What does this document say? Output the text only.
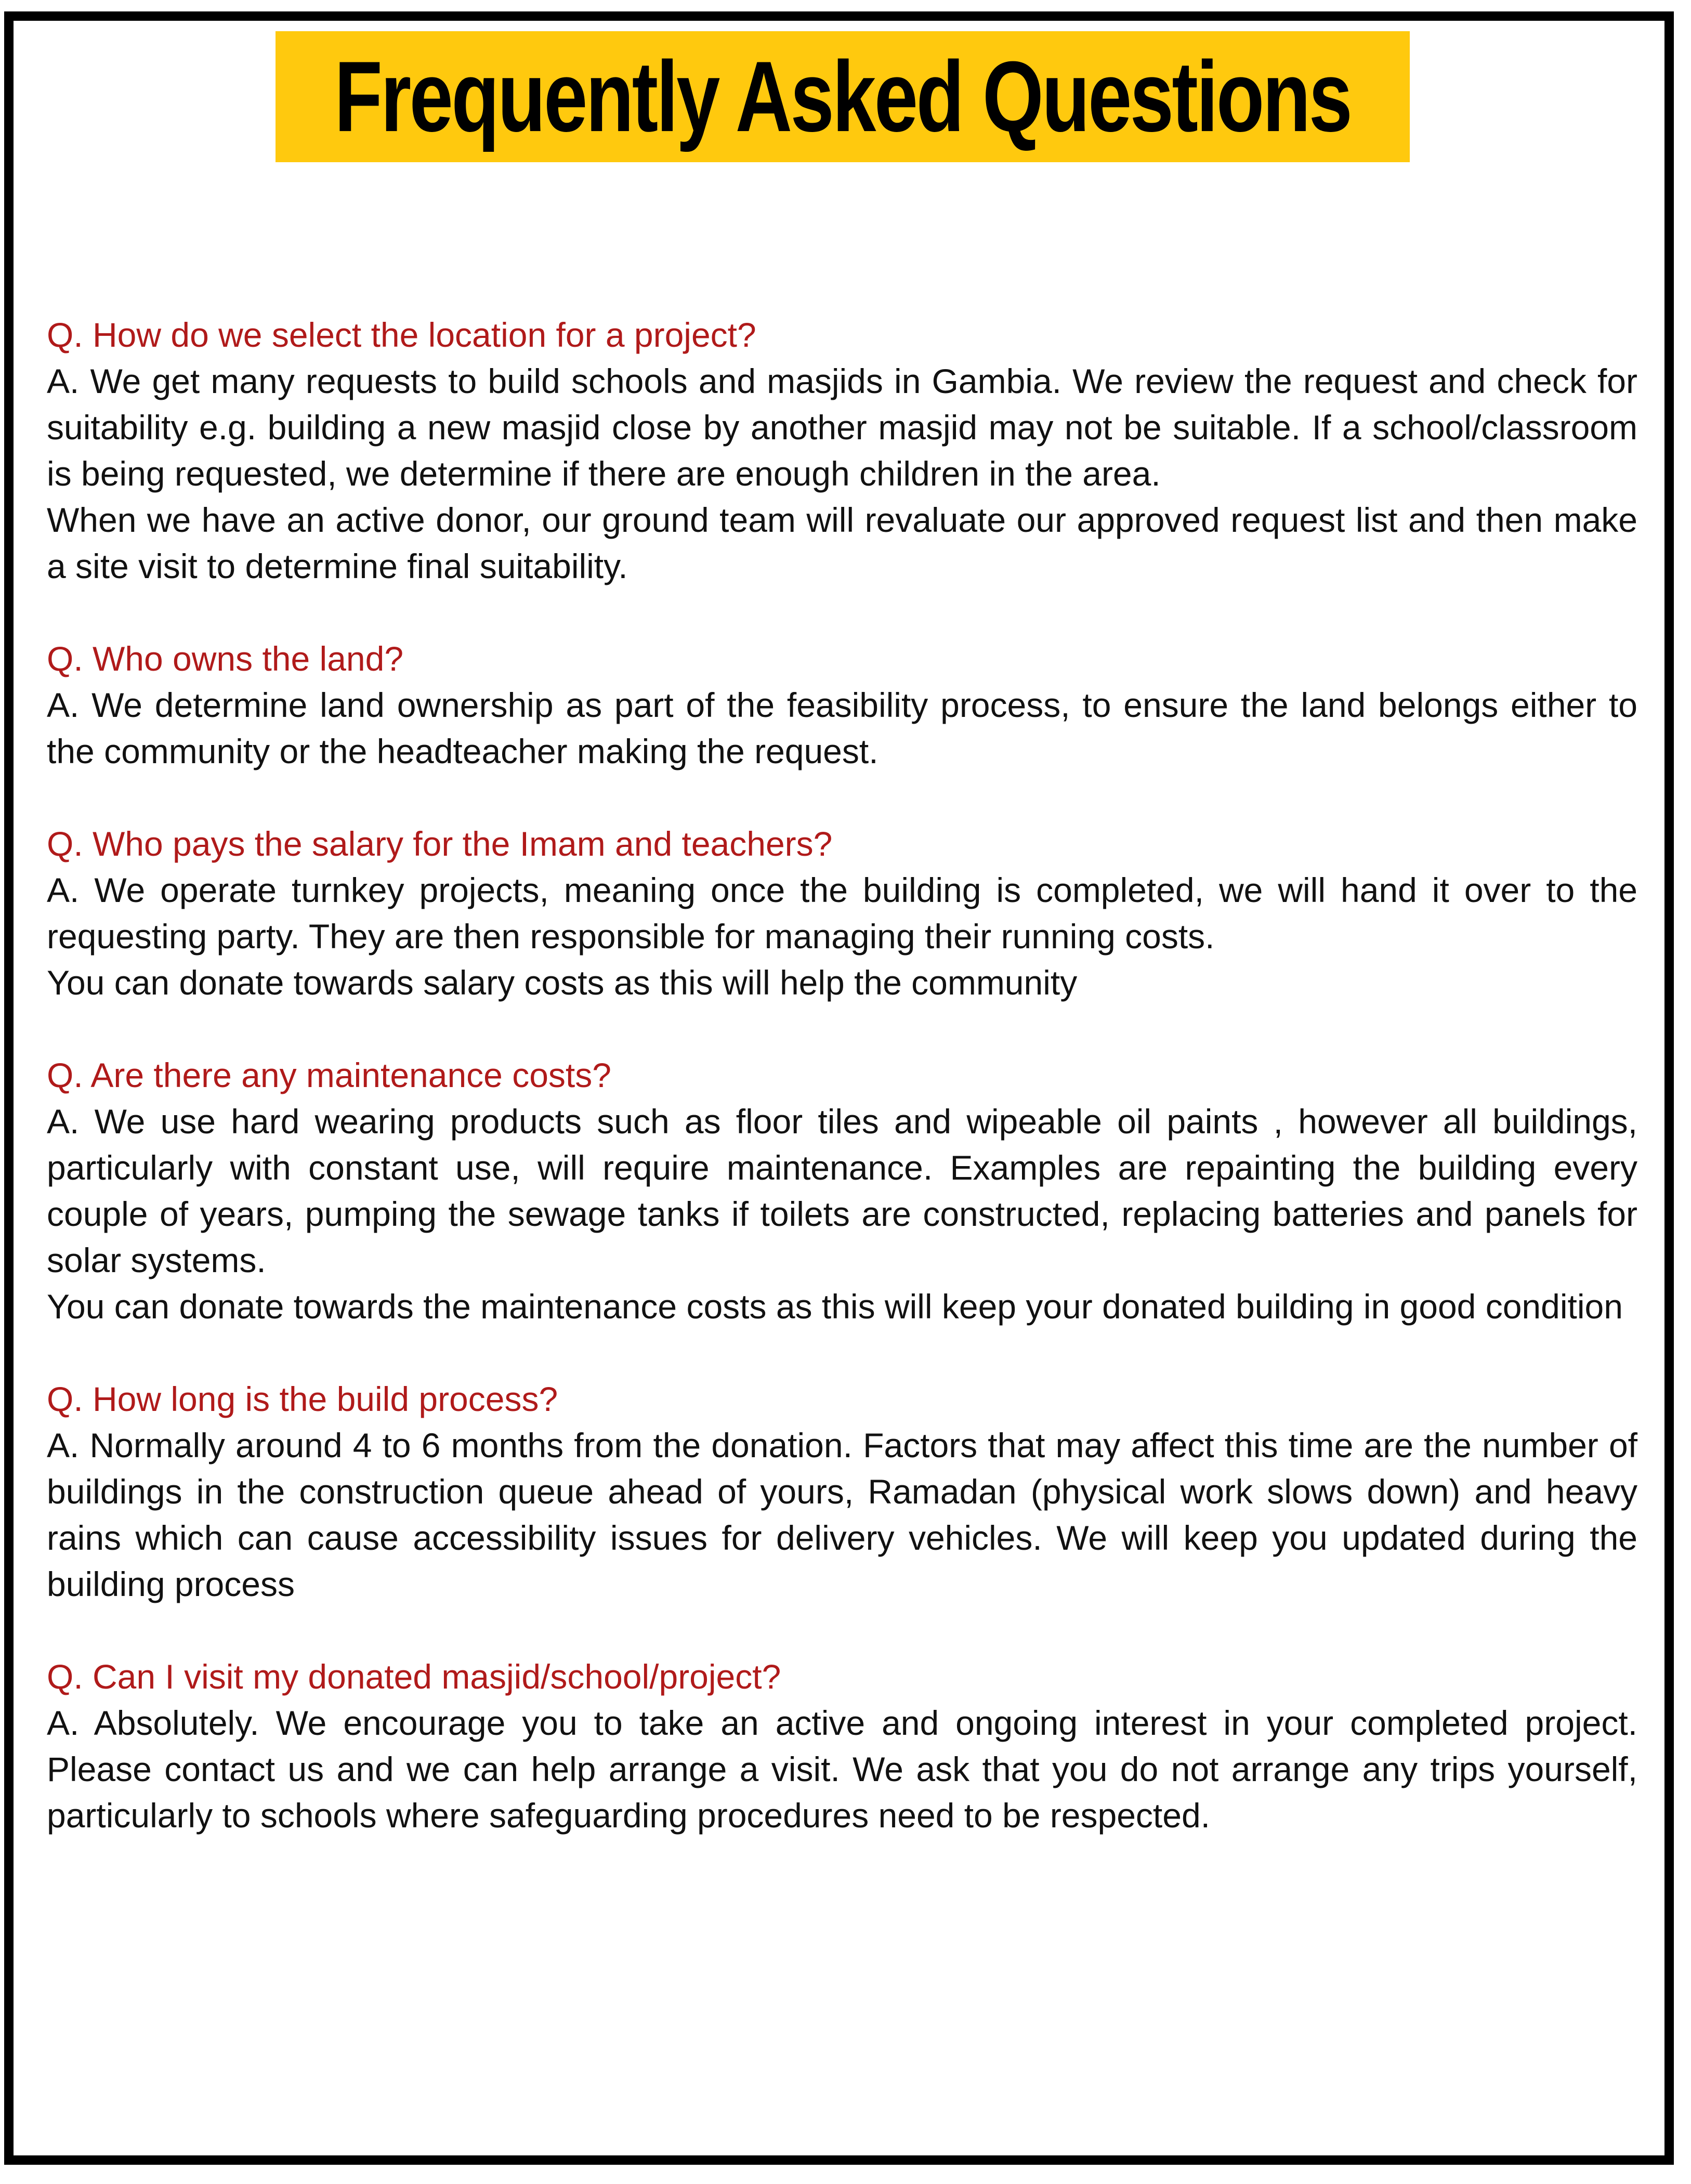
Frequently Asked Questions

Q. How do we select the location for a project?

A. We get many requests to build schools and masjids in Gambia. We review the request and check for suitability e.g. building a new masjid close by another masjid may not be suitable. If a school/classroom is being requested, we determine if there are enough children in the area.

When we have an active donor, our ground team will revaluate our approved request list and then make a site visit to determine final suitability.

Q. Who owns the land?

A. We determine land ownership as part of the feasibility process, to ensure the land belongs either to the community or the headteacher making the request.

Q. Who pays the salary for the Imam and teachers?

A. We operate turnkey projects, meaning once the building is completed, we will hand it over to the requesting party. They are then responsible for managing their running costs.

You can donate towards salary costs as this will help the community

Q. Are there any maintenance costs?

A. We use hard wearing products such as floor tiles and wipeable oil paints , however all buildings, particularly with constant use, will require maintenance. Examples are repainting the building every couple of years, pumping the sewage tanks if toilets are constructed, replacing batteries and panels for solar systems.

You can donate towards the maintenance costs as this will keep your donated building in good condition

Q. How long is the build process?

A. Normally around 4 to 6 months from the donation. Factors that may affect this time are the number of buildings in the construction queue ahead of yours, Ramadan (physical work slows down) and heavy rains which can cause accessibility issues for delivery vehicles. We will keep you updated during the building process

Q. Can I visit my donated masjid/school/project?

A. Absolutely. We encourage you to take an active and ongoing interest in your completed project. Please contact us and we can help arrange a visit. We ask that you do not arrange any trips yourself, particularly to schools where safeguarding procedures need to be respected.
